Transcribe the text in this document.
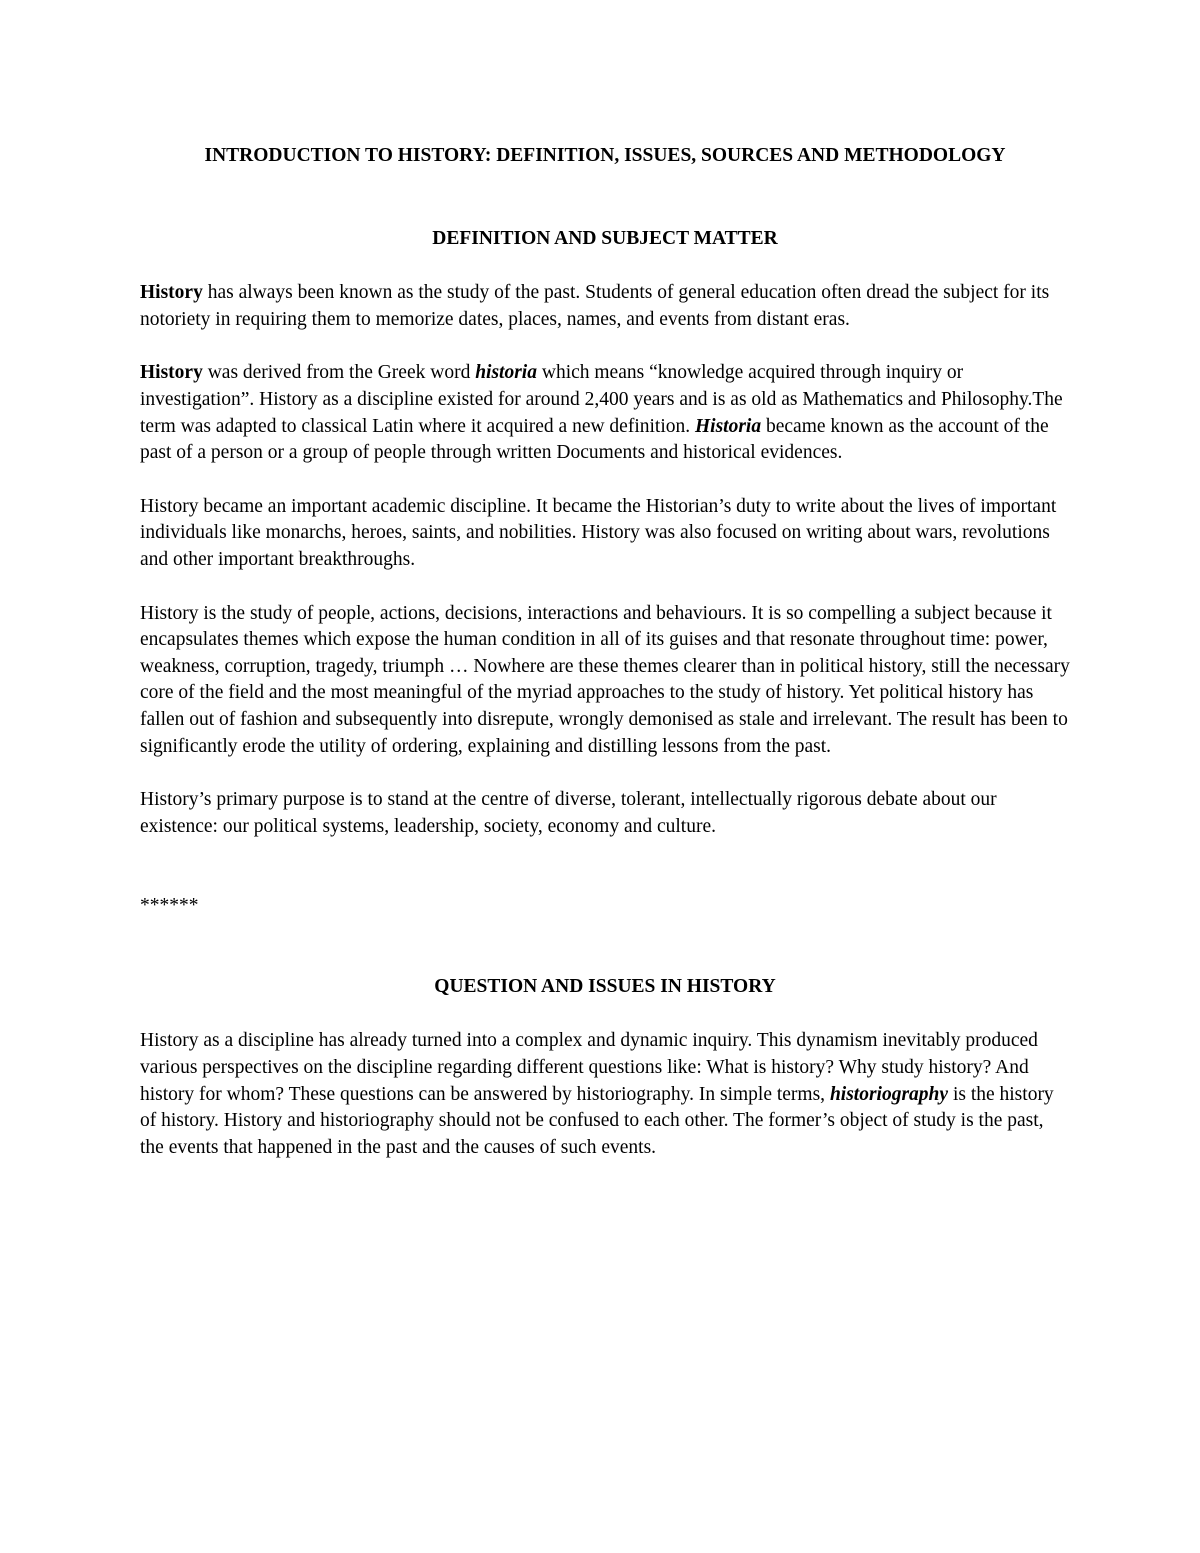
INTRODUCTION TO HISTORY: DEFINITION, ISSUES, SOURCES AND METHODOLOGY
DEFINITION AND SUBJECT MATTER

History has always been known as the study of the past. Students of general education often dread the subject for its notoriety in requiring them to memorize dates, places, names, and events from distant eras.

History was derived from the Greek word historia which means “knowledge acquired through inquiry or investigation”. History as a discipline existed for around 2,400 years and is as old as Mathematics and Philosophy.The term was adapted to classical Latin where it acquired a new definition. Historia became known as the account of the past of a person or a group of people through written Documents and historical evidences.

History became an important academic discipline. It became the Historian’s duty to write about the lives of important individuals like monarchs, heroes, saints, and nobilities. History was also focused on writing about wars, revolutions and other important breakthroughs.

History is the study of people, actions, decisions, interactions and behaviours. It is so compelling a subject because it encapsulates themes which expose the human condition in all of its guises and that resonate throughout time: power, weakness, corruption, tragedy, triumph … Nowhere are these themes clearer than in political history, still the necessary core of the field and the most meaningful of the myriad approaches to the study of history. Yet political history has fallen out of fashion and subsequently into disrepute, wrongly demonised as stale and irrelevant. The result has been to significantly erode the utility of ordering, explaining and distilling lessons from the past.

History’s primary purpose is to stand at the centre of diverse, tolerant, intellectually rigorous debate about our existence: our political systems, leadership, society, economy and culture.

******

QUESTION AND ISSUES IN HISTORY

History as a discipline has already turned into a complex and dynamic inquiry. This dynamism inevitably produced various perspectives on the discipline regarding different questions like: What is history? Why study history? And history for whom? These questions can be answered by historiography. In simple terms, historiography is the history of history. History and historiography should not be confused to each other. The former’s object of study is the past, the events that happened in the past and the causes of such events.
